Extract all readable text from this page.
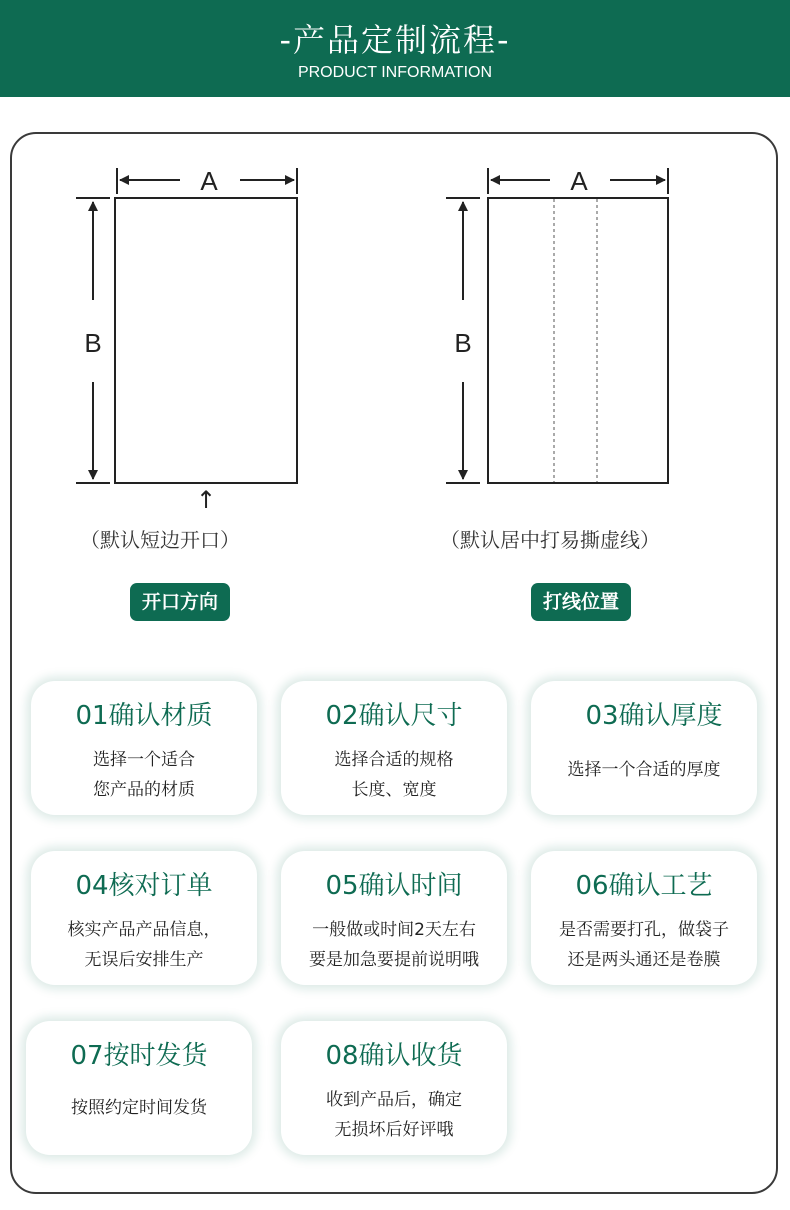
-产品定制流程-
PRODUCT INFORMATION
A
B
↑
A
B
（默认短边开口）	（默认居中打易撕虚线）
开口方向	打线位置
01确认材质
选择一个适合
您产品的材质
02确认尺寸
选择合适的规格
长度、宽度
03确认厚度
选择一个合适的厚度
04核对订单
核实产品产品信息，
无误后安排生产
05确认时间
一般做或时间2天左右
要是加急要提前说明哦
06确认工艺
是否需要打孔，做袋子
还是两头通还是卷膜
07按时发货
按照约定时间发货
08确认收货
收到产品后，确定
无损坏后好评哦
